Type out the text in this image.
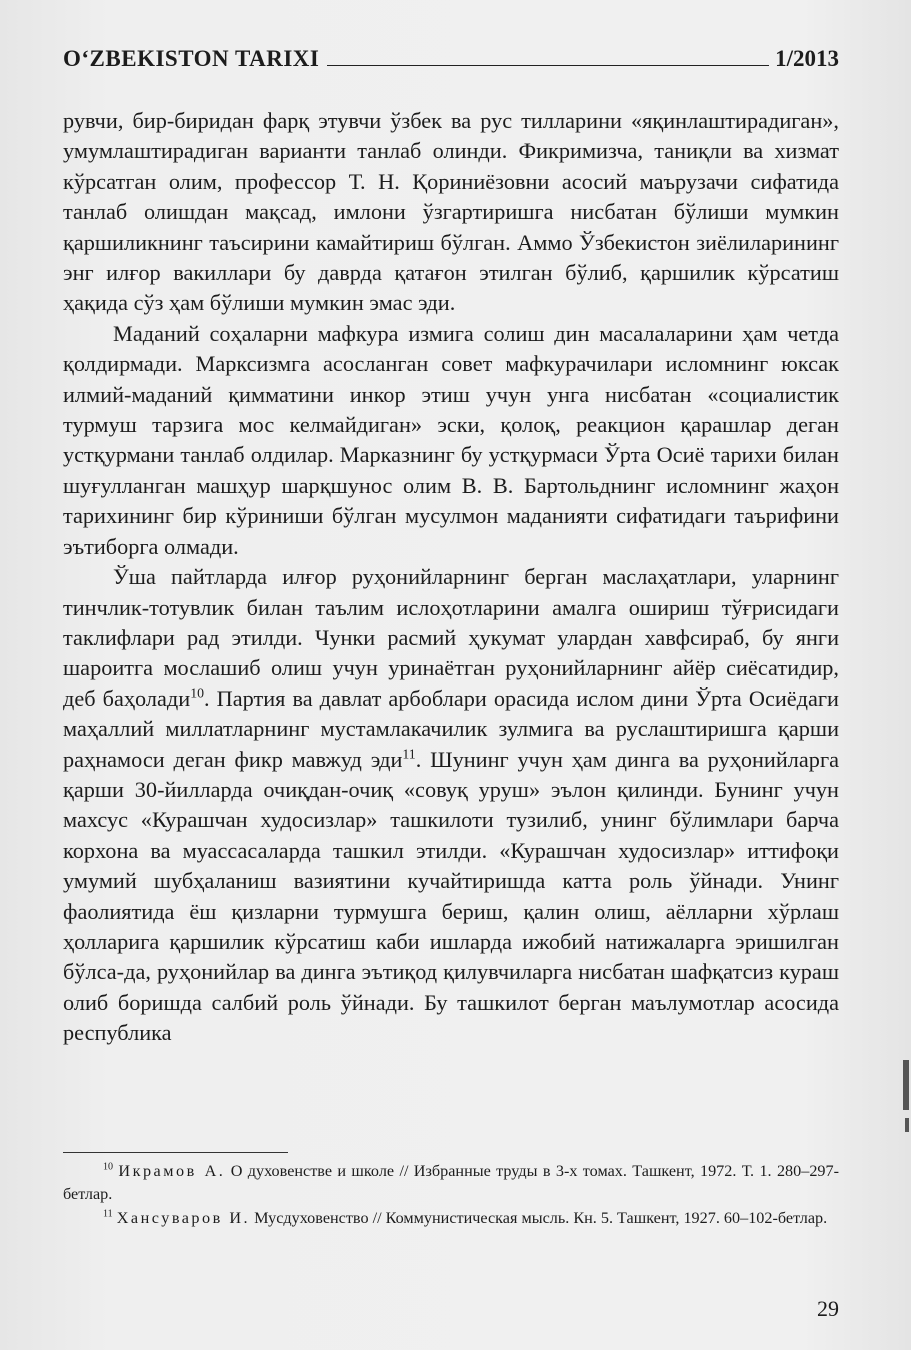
O‘ZBEKISTON TARIXI	1/2013

рувчи, бир-биридан фарқ этувчи ўзбек ва рус тилларини «яқинлаштирадиган», умумлаштирадиган варианти танлаб олинди. Фикримизча, таниқли ва хизмат кўрсатган олим, профессор Т. Н. Қориниёзовни асосий маърузачи сифатида танлаб олишдан мақсад, имлони ўзгартиришга нисбатан бўлиши мумкин қаршиликнинг таъсирини камайтириш бўлган. Аммо Ўзбекистон зиёлиларининг энг илғор вакиллари бу даврда қатағон этилган бўлиб, қаршилик кўрсатиш ҳақида сўз ҳам бўлиши мумкин эмас эди.

Маданий соҳаларни мафкура измига солиш дин масалаларини ҳам четда қолдирмади. Марксизмга асосланган совет мафкурачилари исломнинг юксак илмий-маданий қимматини инкор этиш учун унга нисбатан «социалистик турмуш тарзига мос келмайдиган» эски, қолоқ, реакцион қарашлар деган устқурмани танлаб олдилар. Марказнинг бу устқурмаси Ўрта Осиё тарихи билан шуғулланган машҳур шарқшунос олим В. В. Бартольднинг исломнинг жаҳон тарихининг бир кўриниши бўлган мусулмон маданияти сифатидаги таърифини эътиборга олмади.

Ўша пайтларда илғор руҳонийларнинг берган маслаҳатлари, уларнинг тинчлик-тотувлик билан таълим ислоҳотларини амалга ошириш тўғрисидаги таклифлари рад этилди. Чунки расмий ҳукумат улардан хавфсираб, бу янги шароитга мослашиб олиш учун уринаётган руҳонийларнинг айёр сиёсатидир, деб баҳолади$^{10}$. Партия ва давлат арбоблари орасида ислом дини Ўрта Осиёдаги маҳаллий миллатларнинг мустамлакачилик зулмига ва руслаштиришга қарши раҳнамоси деган фикр мавжуд эди$^{11}$. Шунинг учун ҳам динга ва руҳонийларга қарши 30-йилларда очиқдан-очиқ «совуқ уруш» эълон қилинди. Бунинг учун махсус «Курашчан худосизлар» ташкилоти тузилиб, унинг бўлимлари барча корхона ва муассасаларда ташкил этилди. «Курашчан худосизлар» иттифоқи умумий шубҳаланиш вазиятини кучайтиришда катта роль ўйнади. Унинг фаолиятида ёш қизларни турмушга бериш, қалин олиш, аёлларни хўрлаш ҳолларига қаршилик кўрсатиш каби ишларда ижобий натижаларга эришилган бўлса-да, руҳонийлар ва динга эътиқод қилувчиларга нисбатан шафқатсиз кураш олиб боришда салбий роль ўйнади. Бу ташкилот берган маълумотлар асосида республика

$^{10}$ Икрамов А. О духовенстве и школе // Избранные труды в 3-х томах. Ташкент, 1972. Т. 1. 280–297-бетлар.

$^{11}$ Хансуваров И. Мусдуховенство // Коммунистическая мысль. Кн. 5. Ташкент, 1927. 60–102-бетлар.

29
